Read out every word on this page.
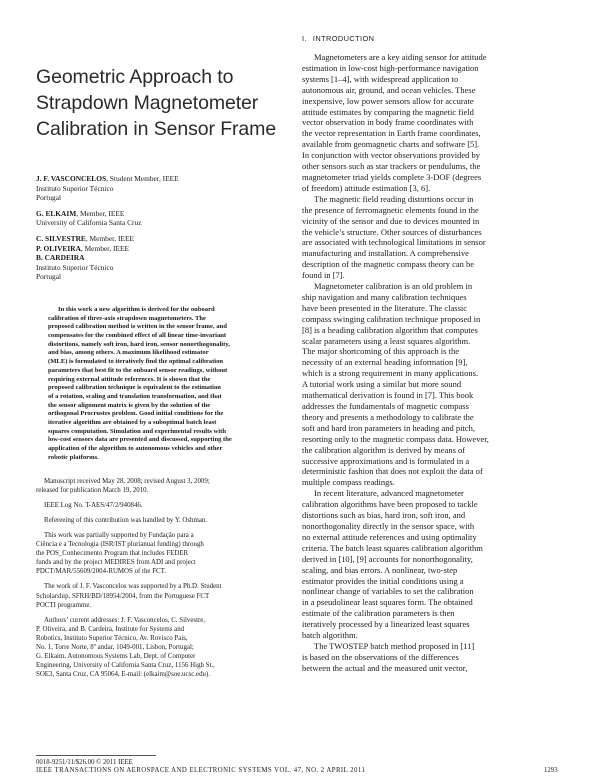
Geometric Approach to
Strapdown Magnetometer
Calibration in Sensor Frame
J. F. VASCONCELOS, Student Member, IEEE
Instituto Superior Técnico
Portugal
G. ELKAIM, Member, IEEE
University of California Santa Cruz
C. SILVESTRE, Member, IEEE
P. OLIVEIRA, Member, IEEE
B. CARDEIRA
Instituto Superior Técnico
Portugal
In this work a new algorithm is derived for the onboard
calibration of three-axis strapdown magnetometers. The
proposed calibration method is written in the sensor frame, and
compensates for the combined effect of all linear time-invariant
distortions, namely soft iron, hard iron, sensor nonorthogonality,
and bias, among others. A maximum likelihood estimator
(MLE) is formulated to iteratively find the optimal calibration
parameters that best fit to the onboard sensor readings, without
requiring external attitude references. It is shown that the
proposed calibration technique is equivalent to the estimation
of a rotation, scaling and translation transformation, and that
the sensor alignment matrix is given by the solution of the
orthogonal Procrustes problem. Good initial conditions for the
iterative algorithm are obtained by a suboptimal batch least
squares computation. Simulation and experimental results with
low-cost sensors data are presented and discussed, supporting the
application of the algorithm to autonomous vehicles and other
robotic platforms.

Manuscript received May 28, 2008; revised August 3, 2009;
released for publication March 19, 2010.

IEEE Log No. T-AES/47/2/940846.

Refereeing of this contribution was handled by Y. Oshman.

This work was partially supported by Fundação para a
Ciência e a Tecnologia (ISR/IST plurianual funding) through
the POS_Conhecimento Program that includes FEDER
funds and by the project MEDIRES from ADI and project
PDCT/MAR/55609/2004-RUMOS of the FCT.

The work of J. F. Vasconcelos was supported by a Ph.D. Student
Scholarship, SFRH/BD/18954/2004, from the Portuguese FCT
POCTI programme.

Authors’ current addresses: J. F. Vasconcelos, C. Silvestre,
P. Oliveira, and B. Cardeira, Institute for Systems and
Robotics, Instituto Superior Técnico, Av. Rovisco Pais,
No. 1, Torre Norte, 8º andar, 1049-001, Lisbon, Portugal;
G. Elkaim, Autonomous Systems Lab, Dept. of Computer
Engineering, University of California Santa Cruz, 1156 High St.,
SOE3, Santa Cruz, CA 95064, E-mail: (elkaim@soe.ucsc.edu).

0018-9251/11/$26.00 © 2011 IEEE
I. INTRODUCTION

Magnetometers are a key aiding sensor for attitude
estimation in low-cost high-performance navigation
systems [1–4], with widespread application to
autonomous air, ground, and ocean vehicles. These
inexpensive, low power sensors allow for accurate
attitude estimates by comparing the magnetic field
vector observation in body frame coordinates with
the vector representation in Earth frame coordinates,
available from geomagnetic charts and software [5].
In conjunction with vector observations provided by
other sensors such as star trackers or pendulums, the
magnetometer triad yields complete 3-DOF (degrees
of freedom) attitude estimation [3, 6].

The magnetic field reading distortions occur in
the presence of ferromagnetic elements found in the
vicinity of the sensor and due to devices mounted in
the vehicle’s structure. Other sources of disturbances
are associated with technological limitations in sensor
manufacturing and installation. A comprehensive
description of the magnetic compass theory can be
found in [7].

Magnetometer calibration is an old problem in
ship navigation and many calibration techniques
have been presented in the literature. The classic
compass swinging calibration technique proposed in
[8] is a heading calibration algorithm that computes
scalar parameters using a least squares algorithm.
The major shortcoming of this approach is the
necessity of an external heading information [9],
which is a strong requirement in many applications.
A tutorial work using a similar but more sound
mathematical derivation is found in [7]. This book
addresses the fundamentals of magnetic compass
theory and presents a methodology to calibrate the
soft and hard iron parameters in heading and pitch,
resorting only to the magnetic compass data. However,
the calibration algorithm is derived by means of
successive approximations and is formulated in a
deterministic fashion that does not exploit the data of
multiple compass readings.

In recent literature, advanced magnetometer
calibration algorithms have been proposed to tackle
distortions such as bias, hard iron, soft iron, and
nonorthogonality directly in the sensor space, with
no external attitude references and using optimality
criteria. The batch least squares calibration algorithm
derived in [10], [9] accounts for nonorthogonality,
scaling, and bias errors. A nonlinear, two-step
estimator provides the initial conditions using a
nonlinear change of variables to set the calibration
in a pseudolinear least squares form. The obtained
estimate of the calibration parameters is then
iteratively processed by a linearized least squares
batch algorithm.

The TWOSTEP batch method proposed in [11]
is based on the observations of the differences
between the actual and the measured unit vector,

IEEE TRANSACTIONS ON AEROSPACE AND ELECTRONIC SYSTEMS VOL. 47, NO. 2 APRIL 2011	1293
